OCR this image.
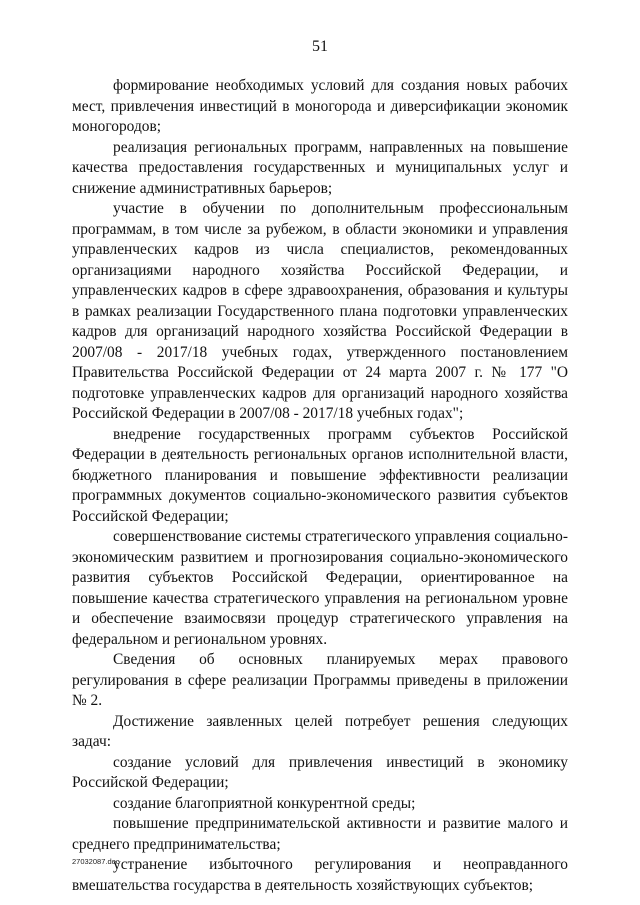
51

формирование необходимых условий для создания новых рабочих мест, привлечения инвестиций в моногорода и диверсификации экономик моногородов;

реализация региональных программ, направленных на повышение качества предоставления государственных и муниципальных услуг и снижение административных барьеров;

участие в обучении по дополнительным профессиональным программам, в том числе за рубежом, в области экономики и управления управленческих кадров из числа специалистов, рекомендованных организациями народного хозяйства Российской Федерации, и управленческих кадров в сфере здравоохранения, образования и культуры в рамках реализации Государственного плана подготовки управленческих кадров для организаций народного хозяйства Российской Федерации в 2007/08 - 2017/18 учебных годах, утвержденного постановлением Правительства Российской Федерации от 24 марта 2007 г. № 177 "О подготовке управленческих кадров для организаций народного хозяйства Российской Федерации в 2007/08 - 2017/18 учебных годах";

внедрение государственных программ субъектов Российской Федерации в деятельность региональных органов исполнительной власти, бюджетного планирования и повышение эффективности реализации программных документов социально-экономического развития субъектов Российской Федерации;

совершенствование системы стратегического управления социально-экономическим развитием и прогнозирования социально-экономического развития субъектов Российской Федерации, ориентированное на повышение качества стратегического управления на региональном уровне и обеспечение взаимосвязи процедур стратегического управления на федеральном и региональном уровнях.

Сведения об основных планируемых мерах правового регулирования в сфере реализации Программы приведены в приложении № 2.

Достижение заявленных целей потребует решения следующих задач:

создание условий для привлечения инвестиций в экономику Российской Федерации;

создание благоприятной конкурентной среды;

повышение предпринимательской активности и развитие малого и среднего предпринимательства;

устранение избыточного регулирования и неоправданного вмешательства государства в деятельность хозяйствующих субъектов;

27032087.doc
